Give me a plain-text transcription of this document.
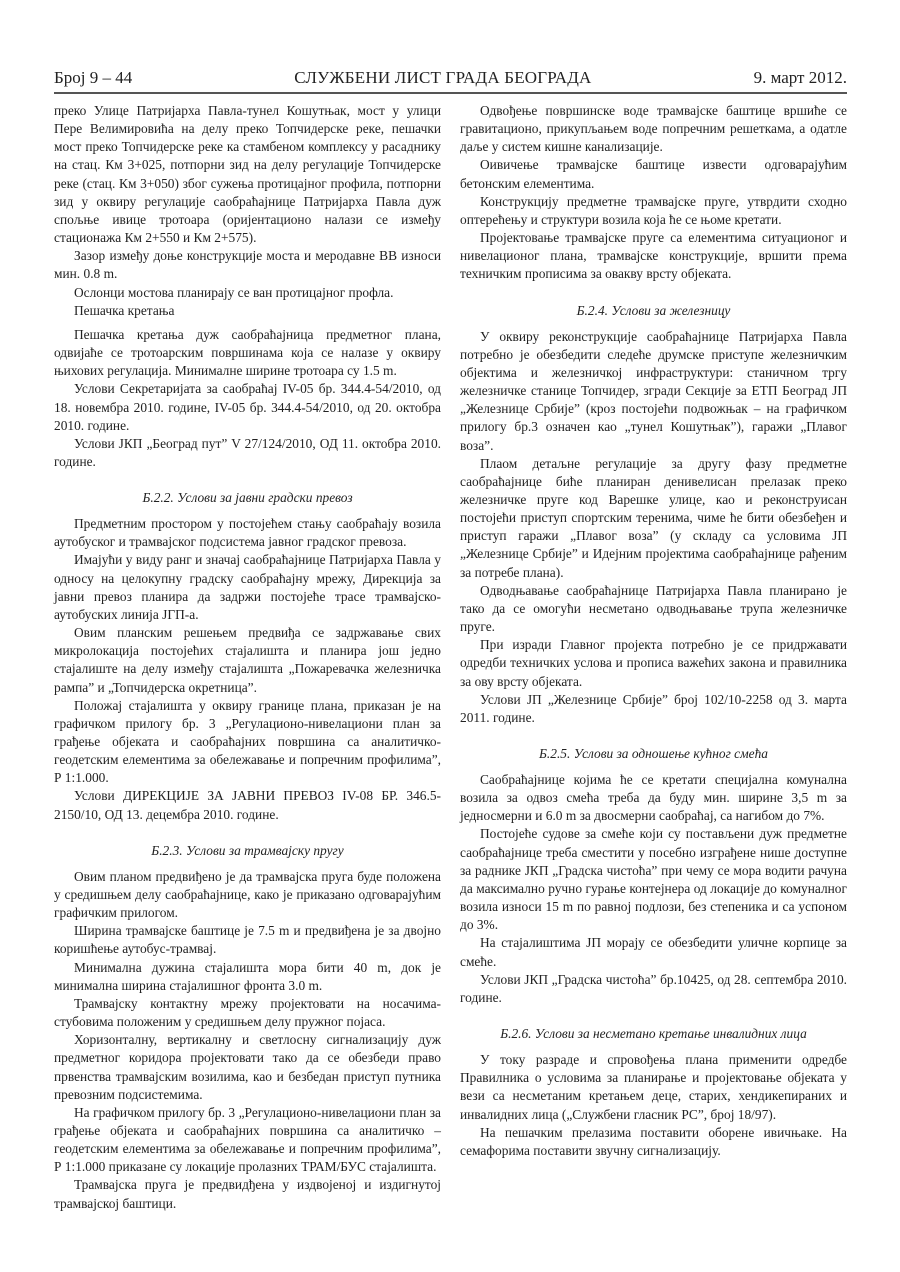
Број 9 – 44	СЛУЖБЕНИ ЛИСТ ГРАДА БЕОГРАДА	9. март 2012.

преко Улице Патријарха Павла-тунел Кошутњак, мост у улици Пере Велимировића на делу преко Топчидерске реке, пешачки мост преко Топчидерске реке ка стамбеном комплексу у расаднику на стац. Км 3+025, потпорни зид на делу регулације Топчидерске реке (стац. Км 3+050) због сужења протицајног профила, потпорни зид у оквиру регулације саобраћајнице Патријарха Павла дуж спољње ивице тротоара (оријентационо налази се између стационажа Км 2+550 и Км 2+575).

Зазор између доње конструкције моста и меродавне ВВ износи мин. 0.8 m.

Ослонци мостова планирају се ван протицајног профла.

Пешачка кретања

Пешачка кретања дуж саобраћајница предметног плана, одвијаће се тротоарским површинама која се налазе у оквиру њихових регулација. Минималне ширине тротоара су 1.5 m.

Услови Секретаријата за саобраћај IV-05 бр. 344.4-54/2010, од 18. новембра 2010. године, IV-05 бр. 344.4-54/2010, од 20. октобра 2010. године.

Услови ЈКП „Београд пут” V 27/124/2010, ОД 11. октобра 2010. године.

Б.2.2. Услови за јавни градски превоз

Предметним простором у постојећем стању саобраћају возила аутобуског и трамвајског подсистема јавног градског превоза.

Имајући у виду ранг и значај саобраћајнице Патријарха Павла у односу на целокупну градску саобраћајну мрежу, Дирекција за јавни превоз планира да задржи постојеће трасе трамвајско-аутобуских линија ЈГП-а.

Овим планским решењем предвиђа се задржавање свих микролокација постојећих стајалишта и планира још једно стајалиште на делу између стајалишта „Пожаревачка железничка рампа” и „Топчидерска окретница”.

Положај стајалишта у оквиру границе плана, приказан је на графичком прилогу бр. 3 „Регулационо-нивелациони план за грађење објеката и саобраћајних површина са аналитичко-геодетским елементима за обележавање и попречним профилима”, Р 1:1.000.

Услови ДИРЕКЦИЈЕ ЗА ЈАВНИ ПРЕВОЗ IV-08 БР. 346.5-2150/10, ОД 13. децембра 2010. године.

Б.2.3. Услови за трамвајску пругу

Овим планом предвиђено је да трамвајска пруга буде положена у средишњем делу саобраћајнице, како је приказано одговарајућим графичким прилогом.

Ширина трамвајске баштице је 7.5 m и предвиђена је за двојно коришћење аутобус-трамвај.

Минимална дужина стајалишта мора бити 40 m, док је минимална ширина стајалишног фронта 3.0 m.

Трамвајску контактну мрежу пројектовати на носачима-стубовима положеним у средишњем делу пружног појаса.

Хоризонталну, вертикалну и светлосну сигнализацију дуж предметног коридора пројектовати тако да се обезбеди право првенства трамвајским возилима, као и безбедан приступ путника превозним подсистемима.

На графичком прилогу бр. 3 „Регулационо-нивелациони план за грађење објеката и саобраћајних површина са аналитичко – геодетским елементима за обележавање и попречним профилима”, Р 1:1.000 приказане су локације пролазних ТРАМ/БУС стајалишта.

Трамвајска пруга је предвидђена у издвојеној и издигнутој трамвајској баштици.

Одвођење површинске воде трамвајске баштице вршиће се гравитационо, прикупљањем воде попречним решеткама, а одатле даље у систем кишне канализације.

Оивичење трамвајске баштице извести одговарајућим бетонским елементима.

Конструкцију предметне трамвајске пруге, утврдити сходно оптерећењу и структури возила која ће се њоме кретати.

Пројектовање трамвајске пруге са елементима ситуационог и нивелационог плана, трамвајске конструкције, вршити према техничким прописима за овакву врсту објеката.

Б.2.4. Услови за железницу

У оквиру реконструкције саобраћајнице Патријарха Павла потребно је обезбедити следеће друмске приступе железничким објектима и железничкој инфраструктури: станичном тргу железничке станице Топчидер, згради Секције за ЕТП Београд ЈП „Железнице Србије” (кроз постојећи подвожњак – на графичком прилогу бр.3 означен као „тунел Кошутњак”), гаражи „Плавог воза”.

Плаом детаљне регулације за другу фазу предметне саобраћајнице биће планиран денивелисан прелазак преко железничке пруге код Варешке улице, као и реконструисан постојећи приступ спортским теренима, чиме ће бити обезбеђен и приступ гаражи „Плавог воза” (у складу са условима ЈП „Железнице Србије” и Идејним пројектима саобраћајнице рађеним за потребе плана).

Одводњавање саобраћајнице Патријарха Павла планирано је тако да се омогући несметано одводњавање трупа железничке пруге.

При изради Главног пројекта потребно је се придржавати одредби техничких услова и прописа важећих закона и правилника за ову врсту објеката.

Услови ЈП „Железнице Србије” број 102/10-2258 од 3. марта 2011. године.

Б.2.5. Услови за одношење кућног смећа

Саобраћајнице којима ће се кретати специјална комунална возила за одвоз смећа треба да буду мин. ширине 3,5 m за једносмерни и 6.0 m за двосмерни саобраћај, са нагибом до 7%.

Постојеће судове за смеће који су постављени дуж предметне саобраћајнице треба сместити у посебно изграђене нише доступне за раднике ЈКП „Градска чистоћа” при чему се мора водити рачуна да максимално ручно гурање контејнера од локације до комуналног возила износи 15 m по равној подлози, без степеника и са успоном до 3%.

На стајалиштима ЈП морају се обезбедити уличне корпице за смеће.

Услови ЈКП „Градска чистоћа” бр.10425, од 28. септембра 2010. године.

Б.2.6. Услови за несметано кретање инвалидних лица

У току разраде и спровођења плана применити одредбе Правилника о условима за планирање и пројектовање објеката у вези са несметаним кретањем деце, старих, хендикепираних и инвалидних лица („Службени гласник РС”, број 18/97).

На пешачким прелазима поставити оборене ивичњаке. На семафорима поставити звучну сигнализацију.
